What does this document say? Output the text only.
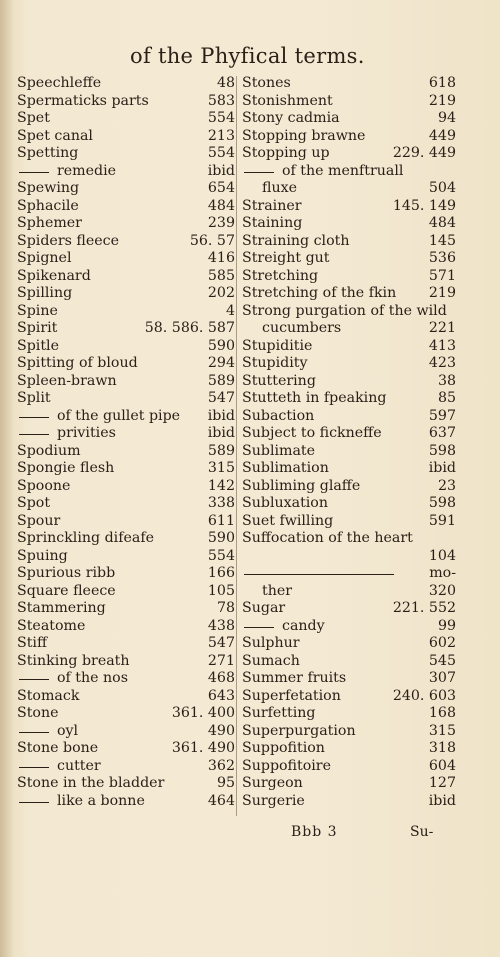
of the Phyfical terms.
Speechleffe	48
Spermaticks parts	583
Spet	554
Spet canal	213
Spetting	554
remedie	ibid
Spewing	654
Sphacile	484
Sphemer	239
Spiders fleece	56. 57
Spignel	416
Spikenard	585
Spilling	202
Spine	4
Spirit	58. 586. 587
Spitle	590
Spitting of bloud	294
Spleen-brawn	589
Split	547
of the gullet pipe ibid
privities	ibid
Spodium	589
Spongie flesh	315
Spoone	142
Spot	338
Spour	611
Sprinckling difeafe	590
Spuing	554
Spurious ribb	166
Square fleece	105
Stammering	78
Steatome	438
Stiff	547
Stinking breath	271
of the nos	468
Stomack	643
Stone	361. 400
oyl	490
Stone bone	361. 490
cutter	362
Stone in the bladder	95
like a bonne	464
Stones	618
Stonishment	219
Stony cadmia	94
Stopping brawne	449
Stopping up	229. 449
of the menftruall
fluxe	504
Strainer	145. 149
Staining	484
Straining cloth	145
Streight gut	536
Stretching	571
Stretching of the fkin 219
Strong purgation of the wild
cucumbers	221
Stupiditie	413
Stupidity	423
Stuttering	38
Stutteth in fpeaking	85
Subaction	597
Subject to fickneffe	637
Sublimate	598
Sublimation	ibid
Subliming glaffe	23
Subluxation	598
Suet fwilling	591
Suffocation of the heart
104
mo-
ther	320
Sugar	221. 552
candy	99
Sulphur	602
Sumach	545
Summer fruits	307
Superfetation	240. 603
Surfetting	168
Superpurgation	315
Suppofition	318
Suppofitoire	604
Surgeon	127
Surgerie	ibid
Bbb 3	Su-
